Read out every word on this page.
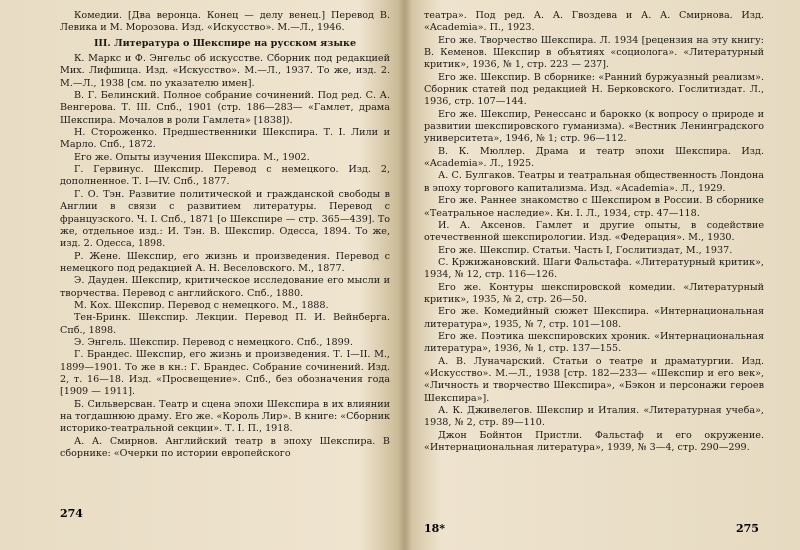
Комедии. [Два веронца. Конец — делу венец.] Перевод В. Левика и М. Морозова. Изд. «Искусство». М.—Л., 1946.

III. Литература о Шекспире на русском языке

К. Маркс и Ф. Энгельс об искусстве. Сборник под редакцией Мих. Лифшица. Изд. «Искусство». М.—Л., 1937. То же, изд. 2. М.—Л., 1938 [см. по указателю имен].

В. Г. Белинский. Полное собрание сочинений. Под ред. С. А. Венгерова. Т. III. Спб., 1901 (стр. 186—283— «Гамлет, драма Шекспира. Мочалов в роли Гамлета» [1838]).

Н. Стороженко. Предшественники Шекспира. Т. I. Лили и Марло. Спб., 1872.

Его же. Опыты изучения Шекспира. М., 1902.

Г. Гервинус. Шекспир. Перевод с немецкого. Изд. 2, дополненное. Т. I—IV. Спб., 1877.

Г. О. Тэн. Развитие политической и гражданской свободы в Англии в связи с развитием литературы. Перевод с французского. Ч. I. Спб., 1871 [о Шекспире — стр. 365—439]. То же, отдельное изд.: И. Тэн. В. Шекспир. Одесса, 1894. То же, изд. 2. Одесса, 1898.

Р. Жене. Шекспир, его жизнь и произведения. Перевод с немецкого под редакцией А. Н. Веселовского. М., 1877.

Э. Дауден. Шекспир, критическое исследование его мысли и творчества. Перевод с английского. Спб., 1880.

М. Кох. Шекспир. Перевод с немецкого. М., 1888.

Тен-Бринк. Шекспир. Лекции. Перевод П. И. Вейнберга. Спб., 1898.

Э. Энгель. Шекспир. Перевод с немецкого. Спб., 1899.

Г. Брандес. Шекспир, его жизнь и произведения. Т. I—II. М., 1899—1901. То же в кн.: Г. Брандес. Собрание сочинений. Изд. 2, т. 16—18. Изд. «Просвещение». Спб., без обозначения года [1909 — 1911].

Б. Сильверсван. Театр и сцена эпохи Шекспира в их влиянии на тогдашнюю драму. Его же. «Король Лир». В книге: «Сборник историко-театральной секции». Т. I. П., 1918.

А. А. Смирнов. Английский театр в эпоху Шекспира. В сборнике: «Очерки по истории европейского

театра». Под ред. А. А. Гвоздева и А. А. Смирнова. Изд. «Academia». П., 1923.

Его же. Творчество Шекспира. Л. 1934 [рецензия на эту книгу: В. Кеменов. Шекспир в объятиях «социолога». «Литературный критик», 1936, № 1, стр. 223 — 237].

Его же. Шекспир. В сборнике: «Ранний буржуазный реализм». Сборник статей под редакцией Н. Берковского. Гослитиздат. Л., 1936, стр. 107—144.

Его же. Шекспир, Ренессанс и барокко (к вопросу о природе и развитии шекспировского гуманизма). «Вестник Ленинградского университета», 1946, № 1; стр. 96—112.

В. К. Мюллер. Драма и театр эпохи Шекспира. Изд. «Academia». Л., 1925.

А. С. Булгаков. Театры и театральная общественность Лондона в эпоху торгового капитализма. Изд. «Academia». Л., 1929.

Его же. Раннее знакомство с Шекспиром в России. В сборнике «Театральное наследие». Кн. I. Л., 1934, стр. 47—118.

И. А. Аксенов. Гамлет и другие опыты, в содействие отечественной шекспирологии. Изд. «Федерация». М., 1930.

Его же. Шекспир. Статьи. Часть I, Гослитиздат, М., 1937.

С. Кржижановский. Шаги Фальстафа. «Литературный критик», 1934, № 12, стр. 116—126.

Его же. Контуры шекспировской комедии. «Литературный критик», 1935, № 2, стр. 26—50.

Его же. Комедийный сюжет Шекспира. «Интернациональная литература», 1935, № 7, стр. 101—108.

Его же. Поэтика шекспировских хроник. «Интернациональная литература», 1936, № 1, стр. 137—155.

А. В. Луначарский. Статьи о театре и драматургии. Изд. «Искусство». М.—Л., 1938 [стр. 182—233— «Шекспир и его век», «Личность и творчество Шекспира», «Бэкон и персонажи героев Шекспира»].

А. К. Дживелегов. Шекспир и Италия. «Литературная учеба», 1938, № 2, стр. 89—110.

Джон Бойнтон Пристли. Фальстаф и его окружение. «Интернациональная литература», 1939, № 3—4, стр. 290—299.

274
18*	275
